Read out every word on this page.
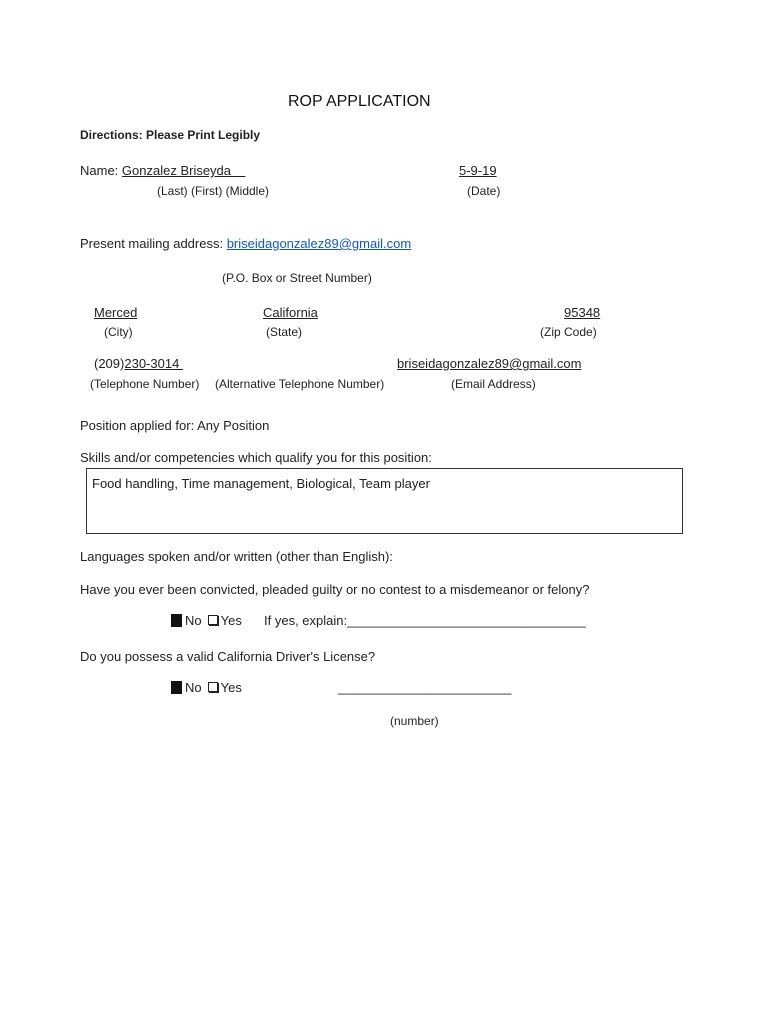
ROP APPLICATION
Directions: Please Print Legibly
Name: Gonzalez Briseyda
(Last) (First) (Middle)
5-9-19
(Date)
Present mailing address: briseidagonzalez89@gmail.com
(P.O. Box or Street Number)
Merced
(City)
California
(State)
95348
(Zip Code)
(209)230-3014
(Telephone Number) (Alternative Telephone Number)
briseidagonzalez89@gmail.com
(Email Address)
Position applied for: Any Position
Skills and/or competencies which qualify you for this position:
Food handling, Time management, Biological, Team player
Languages spoken and/or written (other than English):
Have you ever been convicted, pleaded guilty or no contest to a misdemeanor or felony?
No Yes If yes, explain:_________________________________
Do you possess a valid California Driver's License?
No Yes	________________________
(number)
